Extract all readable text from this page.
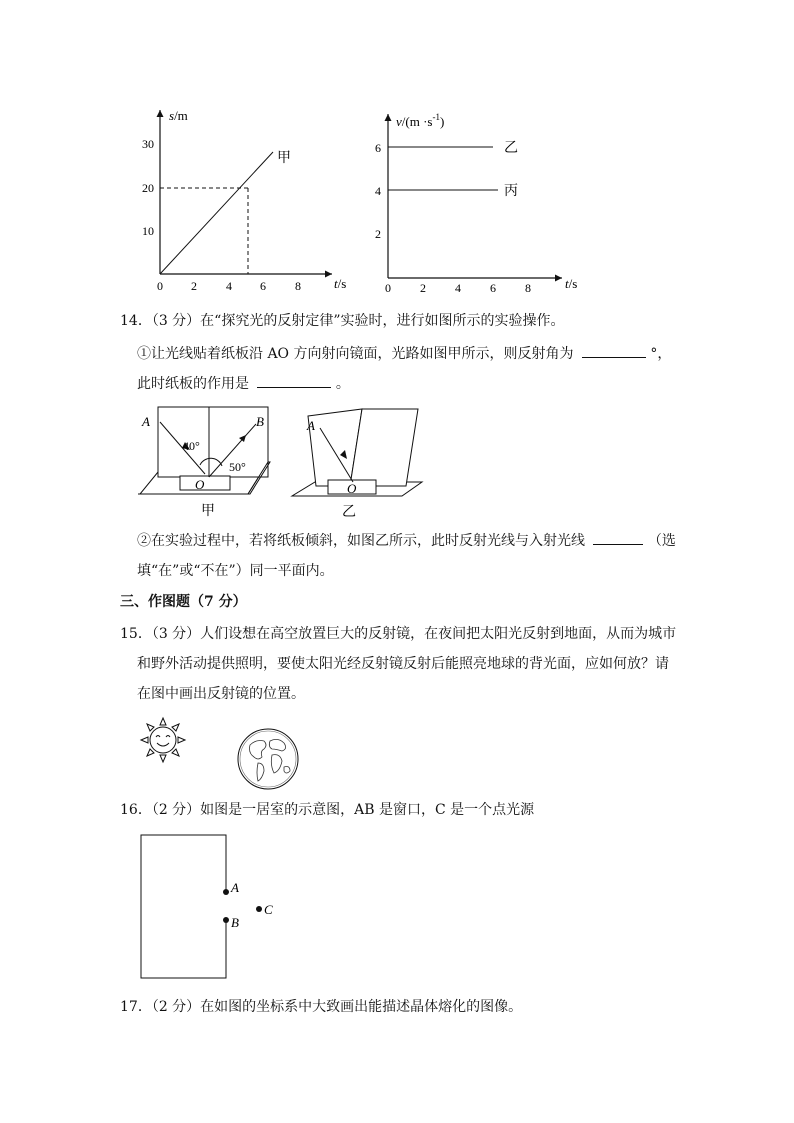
s/m
t/s
30
20
10
0 2 4 6 8
甲
$v/(m \cdot s^{-1})$
t/s
6
4
2
0 2 4 6 8
乙
丙
14．（3 分）在“探究光的反射定律”实验时，进行如图所示的实验操作。
①让光线贴着纸板沿 AO 方向射向镜面，光路如图甲所示，则反射角为	°，
此时纸板的作用是	。
A	B
40°
50°
O
甲
A
O
乙
②在实验过程中，若将纸板倾斜，如图乙所示，此时反射光线与入射光线	（选
填“在”或“不在”）同一平面内。
三、作图题（7 分）
15．（3 分）人们设想在高空放置巨大的反射镜，在夜间把太阳光反射到地面，从而为城市
和野外活动提供照明，要使太阳光经反射镜反射后能照亮地球的背光面，应如何放？请
在图中画出反射镜的位置。
16．（2 分）如图是一居室的示意图，AB 是窗口，C 是一个点光源
A
B
C
17．（2 分）在如图的坐标系中大致画出能描述晶体熔化的图像。
